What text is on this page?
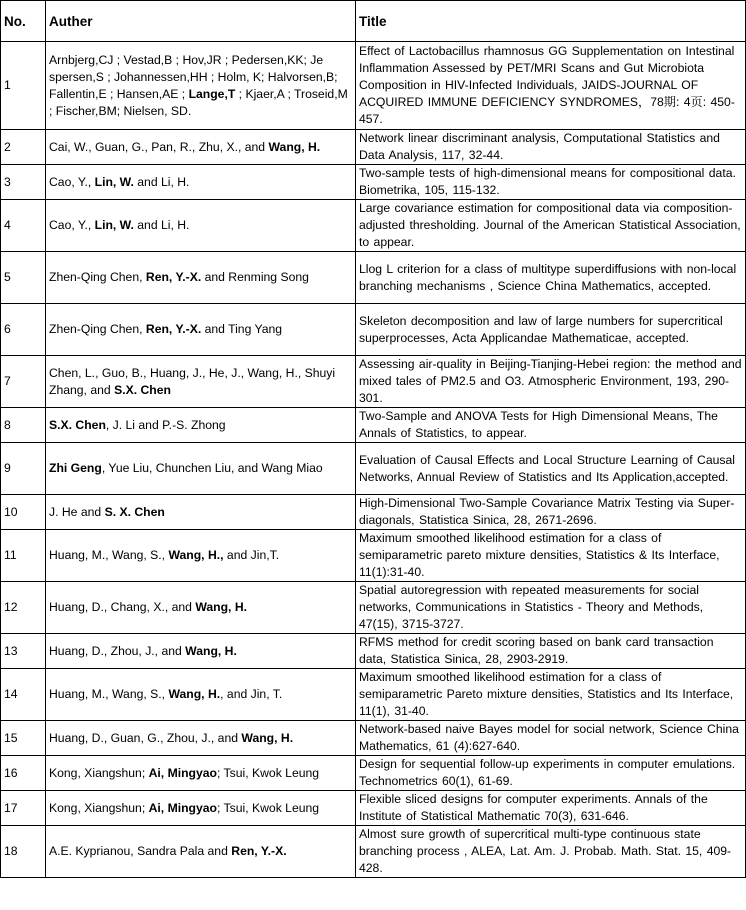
No.	Auther	Title
1	Arnbjerg,CJ ; Vestad,B ; Hov,JR ; Pedersen,KK; Je spersen,S ; Johannessen,HH ; Holm, K; Halvorsen,B; Fallentin,E ; Hansen,AE ; Lange,T ; Kjaer,A ; Troseid,M ; Fischer,BM; Nielsen, SD.	Effect of Lactobacillus rhamnosus GG Supplementation on Intestinal Inflammation Assessed by PET/MRI Scans and Gut Microbiota Composition in HIV-Infected Individuals, JAIDS-JOURNAL OF ACQUIRED IMMUNE DEFICIENCY SYNDROMES，78期: 4页: 450-457.
2	Cai, W., Guan, G., Pan, R., Zhu, X., and Wang, H.	Network linear discriminant analysis, Computational Statistics and Data Analysis, 117, 32-44.
3	Cao, Y., Lin, W. and Li, H.	Two-sample tests of high-dimensional means for compositional data. Biometrika, 105, 115-132.
4	Cao, Y., Lin, W. and Li, H.	Large covariance estimation for compositional data via composition-adjusted thresholding. Journal of the American Statistical Association, to appear.
5	Zhen-Qing Chen, Ren, Y.-X. and Renming Song	Llog L criterion for a class of multitype superdiffusions with non-local branching mechanisms , Science China Mathematics, accepted.
6	Zhen-Qing Chen, Ren, Y.-X. and Ting Yang	Skeleton decomposition and law of large numbers for supercritical superprocesses, Acta Applicandae Mathematicae, accepted.
7	Chen, L., Guo, B., Huang, J., He, J., Wang, H., Shuyi Zhang, and S.X. Chen	Assessing air-quality in Beijing-Tianjing-Hebei region: the method and mixed tales of PM2.5 and O3. Atmospheric Environment, 193, 290-301.
8	S.X. Chen, J. Li and P.-S. Zhong	Two-Sample and ANOVA Tests for High Dimensional Means, The Annals of Statistics, to appear.
9	Zhi Geng, Yue Liu, Chunchen Liu, and Wang Miao	Evaluation of Causal Effects and Local Structure Learning of Causal Networks, Annual Review of Statistics and Its Application,accepted.
10	J. He and S. X. Chen	High-Dimensional Two-Sample Covariance Matrix Testing via Super-diagonals, Statistica Sinica, 28, 2671-2696.
11	Huang, M., Wang, S., Wang, H., and Jin,T.	Maximum smoothed likelihood estimation for a class of semiparametric pareto mixture densities, Statistics & Its Interface, 11(1):31-40.
12	Huang, D., Chang, X., and Wang, H.	Spatial autoregression with repeated measurements for social networks, Communications in Statistics - Theory and Methods, 47(15), 3715-3727.
13	Huang, D., Zhou, J., and Wang, H.	RFMS method for credit scoring based on bank card transaction data, Statistica Sinica, 28, 2903-2919.
14	Huang, M., Wang, S., Wang, H., and Jin, T.	Maximum smoothed likelihood estimation for a class of semiparametric Pareto mixture densities, Statistics and Its Interface, 11(1), 31-40.
15	Huang, D., Guan, G., Zhou, J., and Wang, H.	Network-based naive Bayes model for social network, Science China Mathematics, 61 (4):627-640.
16	Kong, Xiangshun; Ai, Mingyao; Tsui, Kwok Leung	Design for sequential follow-up experiments in computer emulations. Technometrics 60(1), 61-69.
17	Kong, Xiangshun; Ai, Mingyao; Tsui, Kwok Leung	Flexible sliced designs for computer experiments. Annals of the Institute of Statistical Mathematic 70(3), 631-646.
18	A.E. Kyprianou, Sandra Pala and Ren, Y.-X.	Almost sure growth of supercritical multi-type continuous state branching process , ALEA, Lat. Am. J. Probab. Math. Stat. 15, 409-428.
